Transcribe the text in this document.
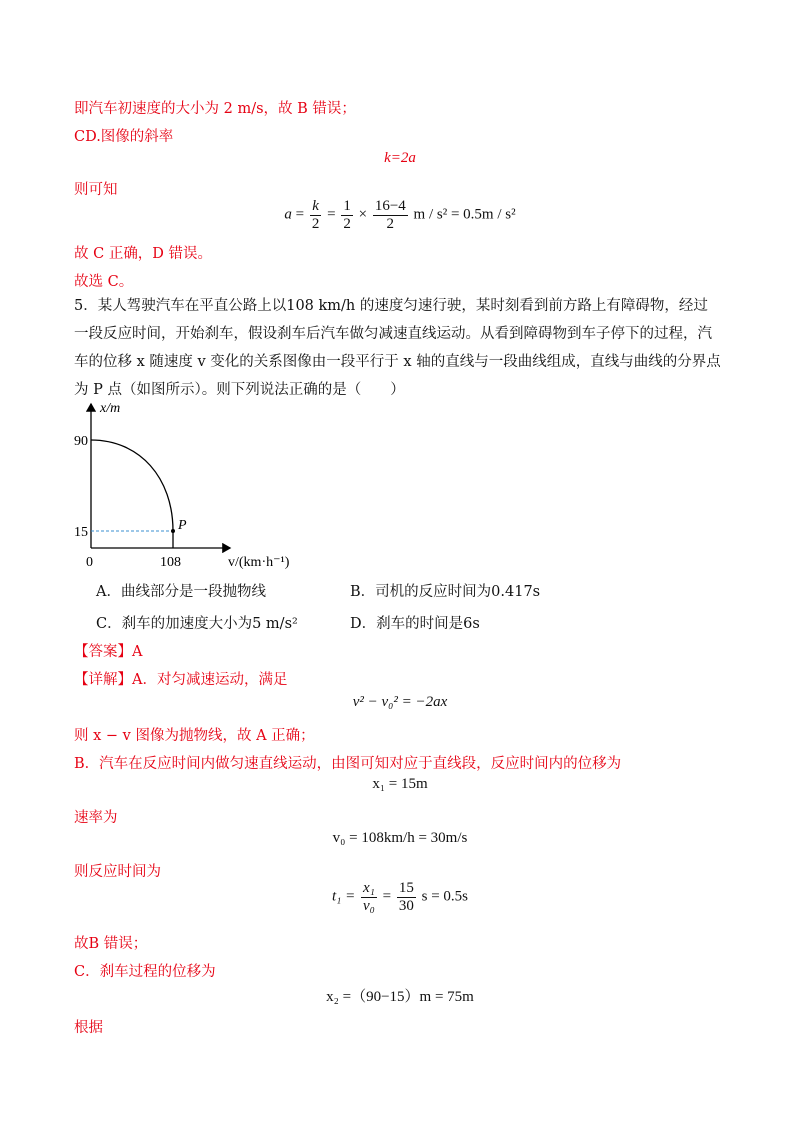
即汽车初速度的大小为 2 m/s，故 B 错误；
CD.图像的斜率
k=2a
则可知
$a = \frac{k}{2} = \frac{1}{2} \times \frac{16-4}{2}$ m / s² = 0.5m / s²
故 C 正确，D 错误。
故选 C。
5．某人驾驶汽车在平直公路上以108 km/h 的速度匀速行驶，某时刻看到前方路上有障碍物，经过一段反应时间，开始刹车，假设刹车后汽车做匀减速直线运动。从看到障碍物到车子停下的过程，汽车的位移 x 随速度 v 变化的关系图像由一段平行于 x 轴的直线与一段曲线组成，直线与曲线的分界点为 P 点（如图所示）。则下列说法正确的是（　　）
x/m
90
15
0	108
P
v/(km·h⁻¹)
A．曲线部分是一段抛物线	B．司机的反应时间为0.417s
C．刹车的加速度大小为5 m/s²	D．刹车的时间是6s
【答案】A
【详解】A．对匀减速运动，满足
v² − v₀² = −2ax
则 x − v 图像为抛物线，故 A 正确；
B．汽车在反应时间内做匀速直线运动，由图可知对应于直线段，反应时间内的位移为
x₁ = 15m
速率为
v₀ = 108km/h = 30m/s
则反应时间为
$t_1 = \frac{\text{x₁}}{\text{v₀}} = \frac{15}{30}$ s = 0.5s
故B 错误；
C．刹车过程的位移为
x₂ =（90−15）m = 75m
根据
